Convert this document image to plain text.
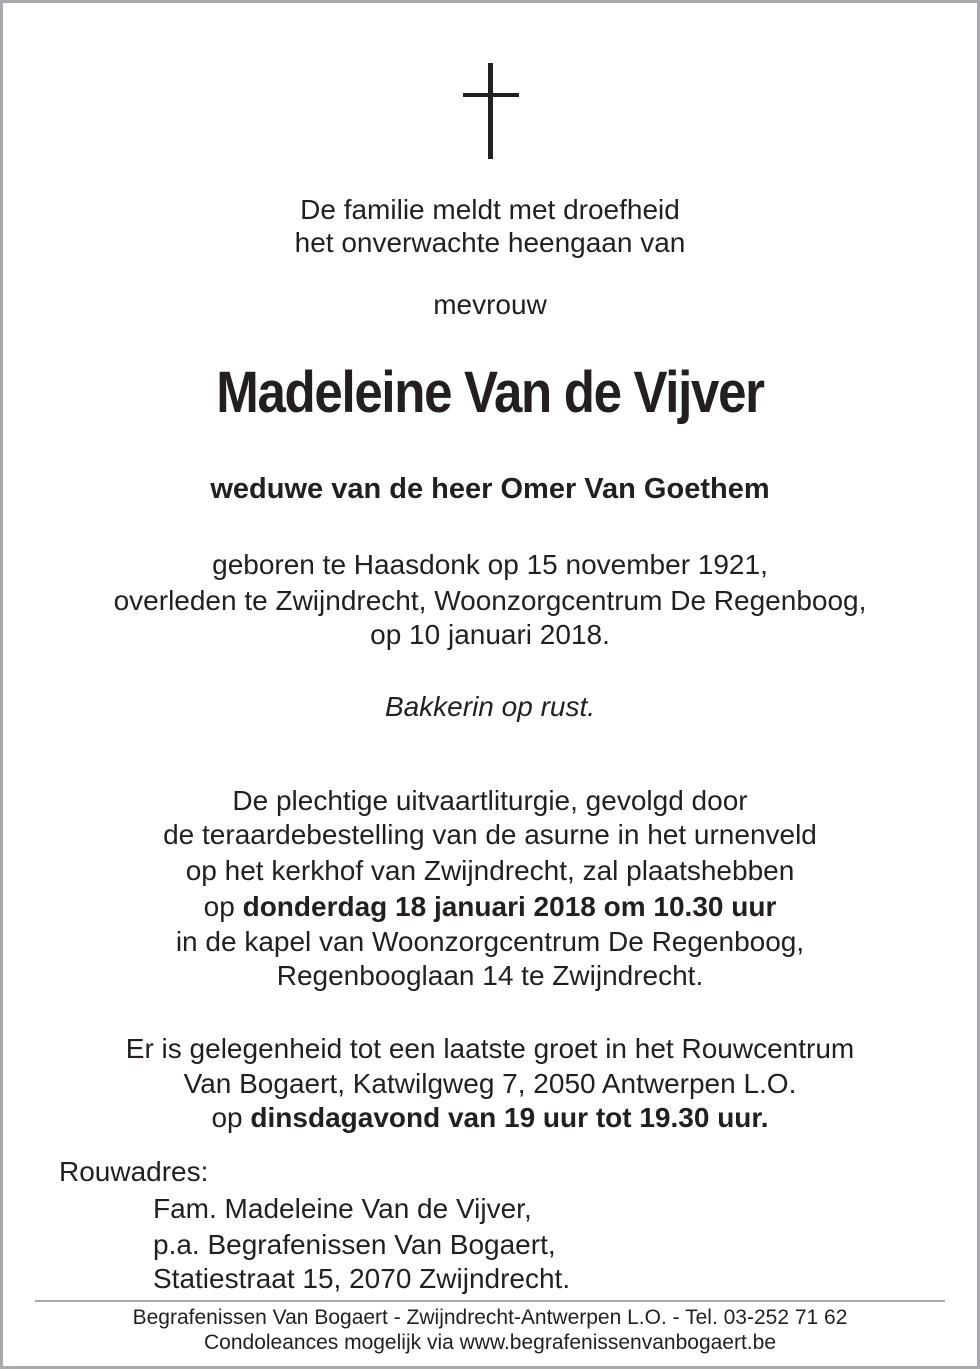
De familie meldt met droefheid
het onverwachte heengaan van
mevrouw
Madeleine Van de Vijver
weduwe van de heer Omer Van Goethem
geboren te Haasdonk op 15 november 1921,
overleden te Zwijndrecht, Woonzorgcentrum De Regenboog,
op 10 januari 2018.
Bakkerin op rust.
De plechtige uitvaartliturgie, gevolgd door
de teraardebestelling van de asurne in het urnenveld
op het kerkhof van Zwijndrecht, zal plaatshebben
op donderdag 18 januari 2018 om 10.30 uur
in de kapel van Woonzorgcentrum De Regenboog,
Regenbooglaan 14 te Zwijndrecht.
Er is gelegenheid tot een laatste groet in het Rouwcentrum
Van Bogaert, Katwilgweg 7, 2050 Antwerpen L.O.
op dinsdagavond van 19 uur tot 19.30 uur.
Rouwadres:
Fam. Madeleine Van de Vijver,
p.a. Begrafenissen Van Bogaert,
Statiestraat 15, 2070 Zwijndrecht.
Begrafenissen Van Bogaert - Zwijndrecht-Antwerpen L.O. - Tel. 03-252 71 62
Condoleances mogelijk via www.begrafenissenvanbogaert.be
